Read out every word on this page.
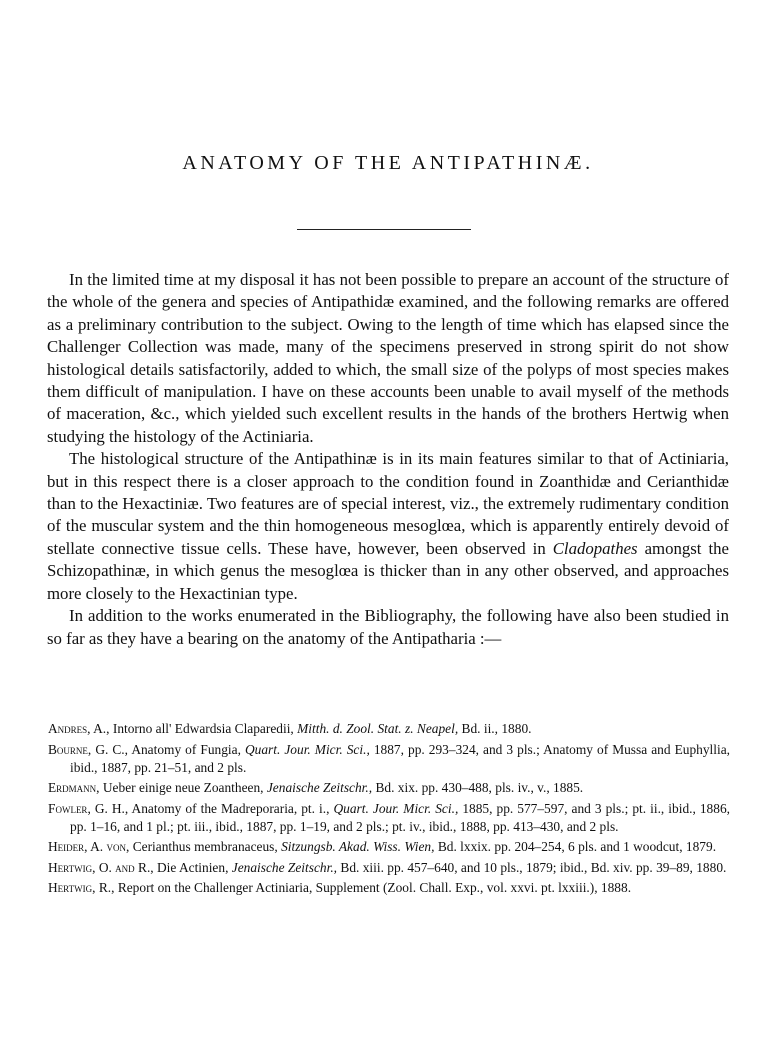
ANATOMY OF THE ANTIPATHINÆ.

In the limited time at my disposal it has not been possible to prepare an account of the structure of the whole of the genera and species of Antipathidæ examined, and the following remarks are offered as a preliminary contribution to the subject. Owing to the length of time which has elapsed since the Challenger Collection was made, many of the specimens preserved in strong spirit do not show histological details satisfactorily, added to which, the small size of the polyps of most species makes them difficult of manipulation. I have on these accounts been unable to avail myself of the methods of maceration, &c., which yielded such excellent results in the hands of the brothers Hertwig when studying the histology of the Actiniaria.

The histological structure of the Antipathinæ is in its main features similar to that of Actiniaria, but in this respect there is a closer approach to the condition found in Zoanthidæ and Cerianthidæ than to the Hexactiniæ. Two features are of special interest, viz., the extremely rudimentary condition of the muscular system and the thin homogeneous mesoglœa, which is apparently entirely devoid of stellate connective tissue cells. These have, however, been observed in Cladopathes amongst the Schizopathinæ, in which genus the mesoglœa is thicker than in any other observed, and approaches more closely to the Hexactinian type.

In addition to the works enumerated in the Bibliography, the following have also been studied in so far as they have a bearing on the anatomy of the Antipatharia :—

Andres, A., Intorno all' Edwardsia Claparedii, Mitth. d. Zool. Stat. z. Neapel, Bd. ii., 1880.

Bourne, G. C., Anatomy of Fungia, Quart. Jour. Micr. Sci., 1887, pp. 293–324, and 3 pls.; Anatomy of Mussa and Euphyllia, ibid., 1887, pp. 21–51, and 2 pls.

Erdmann, Ueber einige neue Zoantheen, Jenaische Zeitschr., Bd. xix. pp. 430–488, pls. iv., v., 1885.

Fowler, G. H., Anatomy of the Madreporaria, pt. i., Quart. Jour. Micr. Sci., 1885, pp. 577–597, and 3 pls.; pt. ii., ibid., 1886, pp. 1–16, and 1 pl.; pt. iii., ibid., 1887, pp. 1–19, and 2 pls.; pt. iv., ibid., 1888, pp. 413–430, and 2 pls.

Heider, A. von, Cerianthus membranaceus, Sitzungsb. Akad. Wiss. Wien, Bd. lxxix. pp. 204–254, 6 pls. and 1 woodcut, 1879.

Hertwig, O. and R., Die Actinien, Jenaische Zeitschr., Bd. xiii. pp. 457–640, and 10 pls., 1879; ibid., Bd. xiv. pp. 39–89, 1880.

Hertwig, R., Report on the Challenger Actiniaria, Supplement (Zool. Chall. Exp., vol. xxvi. pt. lxxiii.), 1888.
